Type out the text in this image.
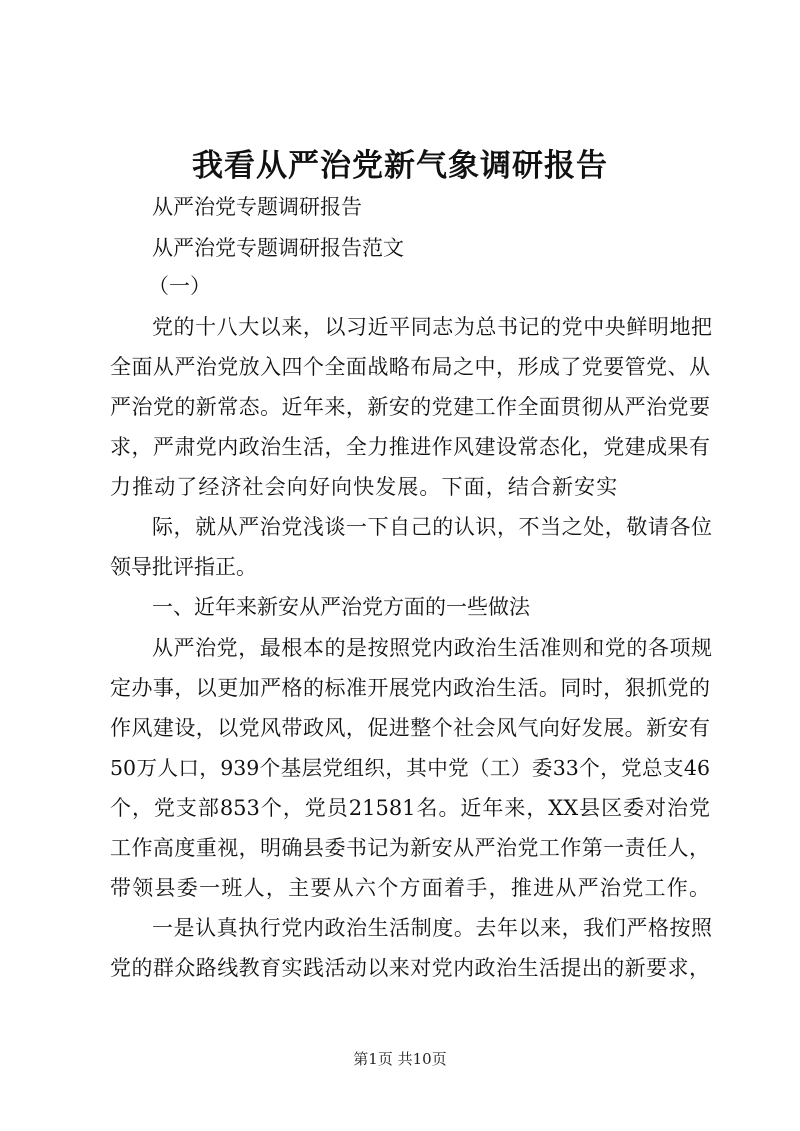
我看从严治党新气象调研报告

从严治党专题调研报告

从严治党专题调研报告范文

（一）

党的十八大以来，以习近平同志为总书记的党中央鲜明地把

全面从严治党放入四个全面战略布局之中，形成了党要管党、从

严治党的新常态。近年来，新安的党建工作全面贯彻从严治党要

求，严肃党内政治生活，全力推进作风建设常态化，党建成果有

力推动了经济社会向好向快发展。下面，结合新安实

际，就从严治党浅谈一下自己的认识，不当之处，敬请各位

领导批评指正。

一、近年来新安从严治党方面的一些做法

从严治党，最根本的是按照党内政治生活准则和党的各项规

定办事，以更加严格的标准开展党内政治生活。同时，狠抓党的

作风建设，以党风带政风，促进整个社会风气向好发展。新安有

50万人口，939个基层党组织，其中党（工）委33个，党总支46

个，党支部853个，党员21581名。近年来，XX县区委对治党

工作高度重视，明确县委书记为新安从严治党工作第一责任人，

带领县委一班人，主要从六个方面着手，推进从严治党工作。

一是认真执行党内政治生活制度。去年以来，我们严格按照

党的群众路线教育实践活动以来对党内政治生活提出的新要求，

第1页 共10页
